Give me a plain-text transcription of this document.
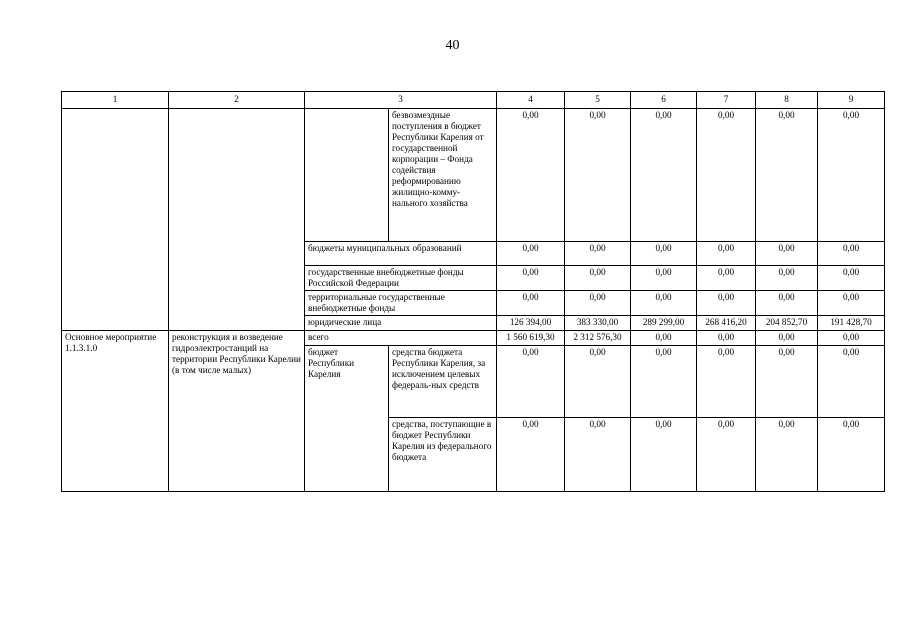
40
1	2	3		4	5	6	7	8	9
			безвозмездные поступления в бюджет Республики Карелия от государственной корпорации – Фонда содействия реформированию жилищно-комму-нального хозяйства	0,00	0,00	0,00	0,00	0,00	0,00
		бюджеты муниципальных образований		0,00	0,00	0,00	0,00	0,00	0,00
		государственные внебюджетные фонды Российской Федерации		0,00	0,00	0,00	0,00	0,00	0,00
		территориальные государственные внебюджетные фонды		0,00	0,00	0,00	0,00	0,00	0,00
		юридические лица		126 394,00	383 330,00	289 299,00	268 416,20	204 852,70	191 428,70
Основное мероприятие 1.1.3.1.0	реконструкция и возведение гидроэлектростанций на территории Республики Карелии (в том числе малых)	всего		1 560 619,30	2 312 576,30	0,00	0,00	0,00	0,00
		бюджет Республики Карелия	средства бюджета Республики Карелия, за исключением целевых федераль-ных средств	0,00	0,00	0,00	0,00	0,00	0,00
			средства, поступающие в бюджет Республики Карелия из федерального бюджета	0,00	0,00	0,00	0,00	0,00	0,00
